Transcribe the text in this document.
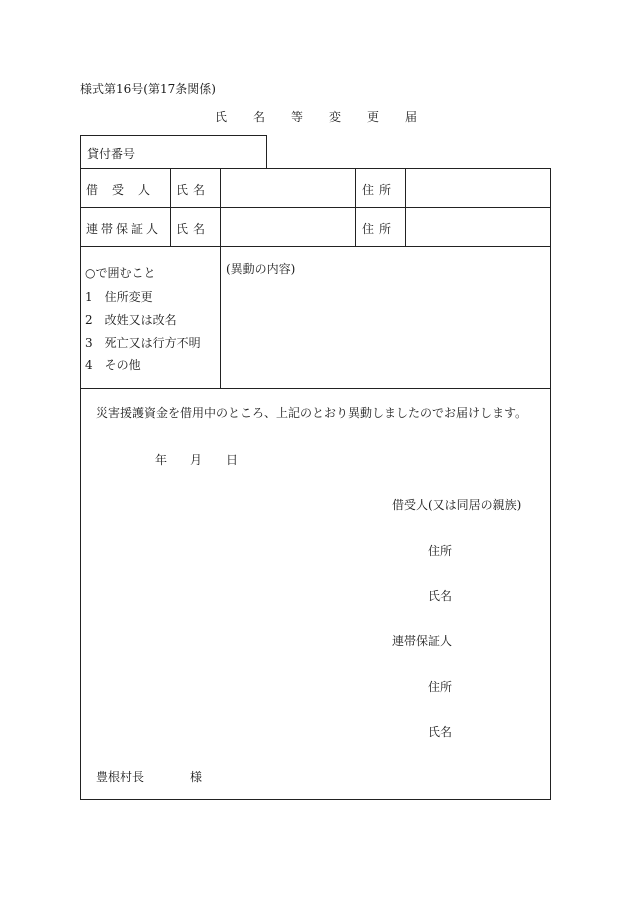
様式第16号(第17条関係)
氏名等変更届
貸付番号
借受人 氏名	住所
連帯保証人 氏名	住所
○で囲むこと
1　住所変更
2　改姓又は改名
3　死亡又は行方不明
4　その他
(異動の内容)
災害援護資金を借用中のところ、上記のとおり異動しましたのでお届けします。
年 月 日
借受人(又は同居の親族)
住所
氏名
連帯保証人
住所
氏名
豊根村長	様
